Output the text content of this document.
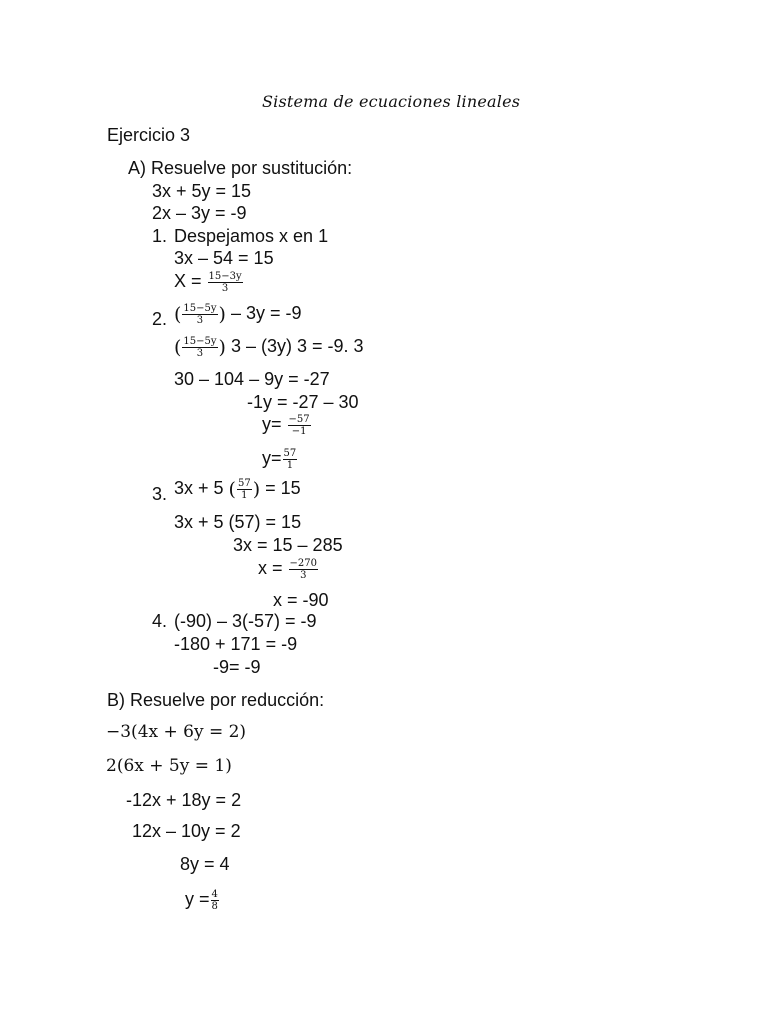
Sistema de ecuaciones lineales
Ejercicio 3
A) Resuelve por sustitución:
3x + 5y = 15
2x – 3y = -9
1. Despejamos x en 1
3x – 54 = 15
$X = \frac{15-3y}{3}$
2. ( $\frac{15-5y}{3}$ ) – 3y = -9
( $\frac{15-5y}{3}$ ) 3 – (3y) 3 = -9. 3
30 – 104 – 9y = -27
-1y = -27 – 30
$y= \frac{-57}{-1}$
$y= \frac{57}{1}$
3. 3x + 5 ( $\frac{57}{1}$ ) = 15
3x + 5 (57) = 15
3x = 15 – 285
$x = \frac{-270}{3}$
x = -90
4. (-90) – 3(-57) = -9
-180 + 171 = -9
-9= -9
B) Resuelve por reducción:
−3(4x + 6y = 2)
2(6x + 5y = 1)
-12x + 18y = 2
12x – 10y = 2
8y = 4
$y = \frac{4}{8}$
